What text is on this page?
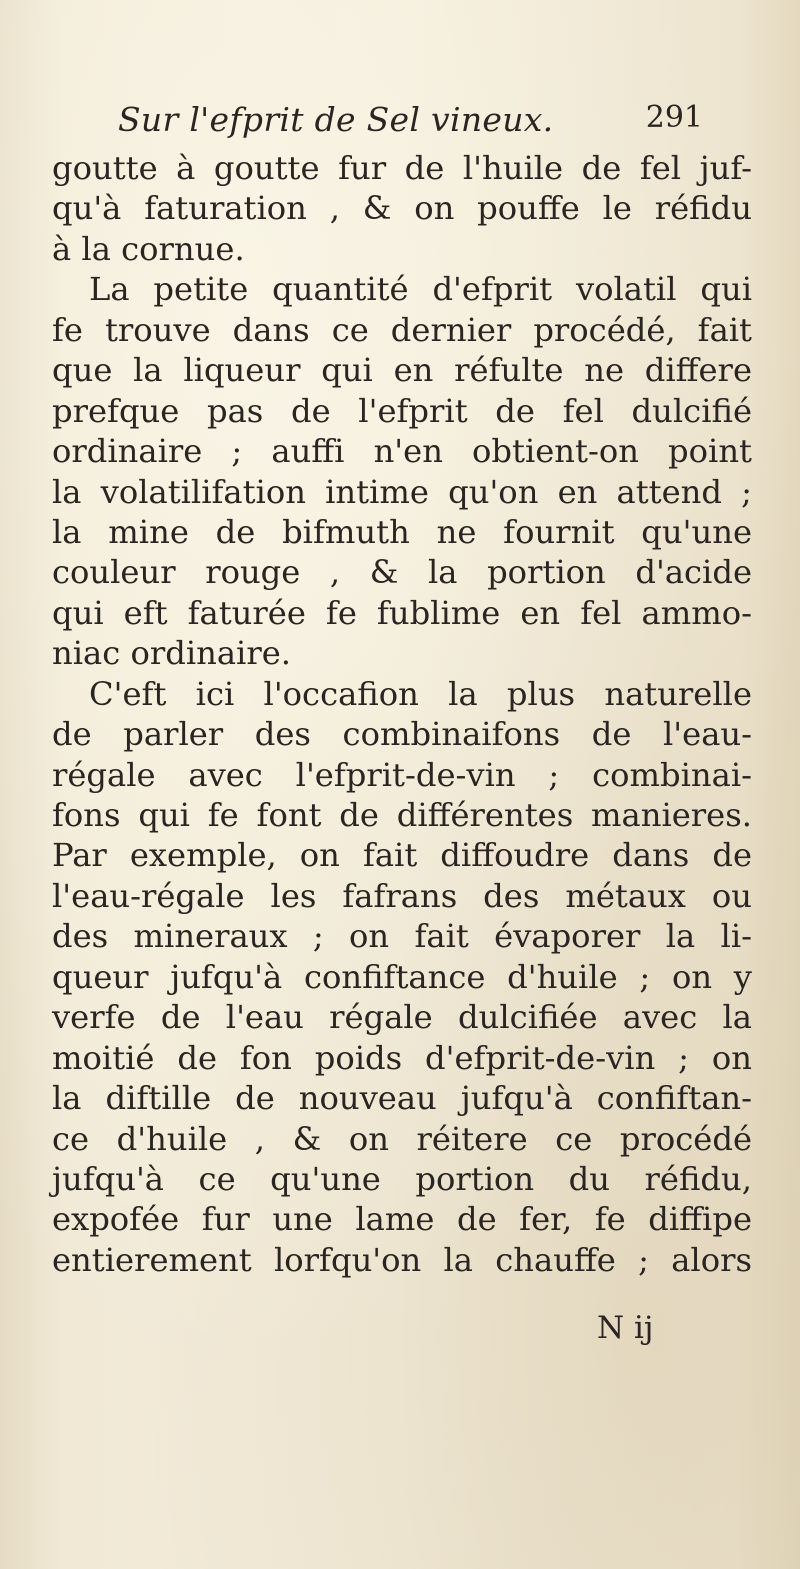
Sur l'efprit de Sel vineux.	291
goutte à goutte fur de l'huile de fel juf-
qu'à faturation , & on pouffe le réfidu
à la cornue.
La petite quantité d'efprit volatil qui
fe trouve dans ce dernier procédé, fait
que la liqueur qui en réfulte ne differe
prefque pas de l'efprit de fel dulcifié
ordinaire ; auffi n'en obtient-on point
la volatilifation intime qu'on en attend ;
la mine de bifmuth ne fournit qu'une
couleur rouge , & la portion d'acide
qui eft faturée fe fublime en fel ammo-
niac ordinaire.
C'eft ici l'occafion la plus naturelle
de parler des combinaifons de l'eau-
régale avec l'efprit-de-vin ; combinai-
fons qui fe font de différentes manieres.
Par exemple, on fait diffoudre dans de
l'eau-régale les fafrans des métaux ou
des mineraux ; on fait évaporer la li-
queur jufqu'à confiftance d'huile ; on y
verfe de l'eau régale dulcifiée avec la
moitié de fon poids d'efprit-de-vin ; on
la diftille de nouveau jufqu'à confiftan-
ce d'huile , & on réitere ce procédé
jufqu'à ce qu'une portion du réfidu,
expofée fur une lame de fer, fe diffipe
entierement lorfqu'on la chauffe ; alors
N ij
